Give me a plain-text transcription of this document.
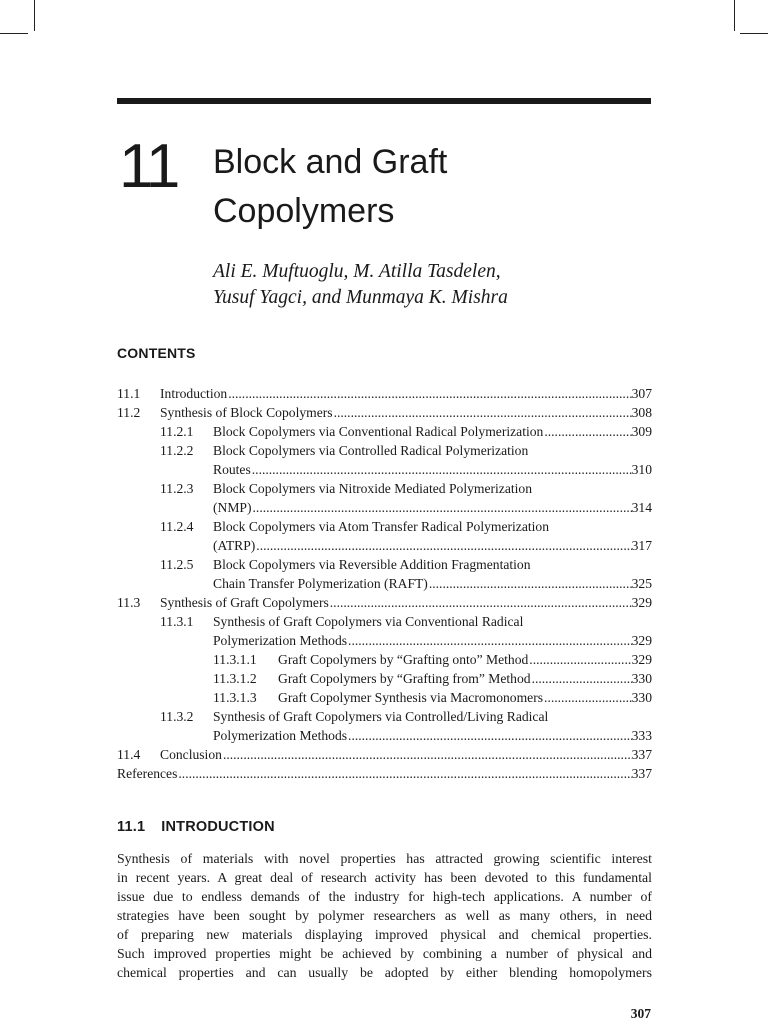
11 Block and Graft
Copolymers
Ali E. Muftuoglu, M. Atilla Tasdelen,
Yusuf Yagci, and Munmaya K. Mishra
CONTENTS
11.1 Introduction .....	307
11.2 Synthesis of Block Copolymers .....	308
11.2.1 Block Copolymers via Conventional Radical Polymerization .....	309
11.2.2 Block Copolymers via Controlled Radical Polymerization
Routes .....	310
11.2.3 Block Copolymers via Nitroxide Mediated Polymerization
(NMP) .....	314
11.2.4 Block Copolymers via Atom Transfer Radical Polymerization
(ATRP) .....	317
11.2.5 Block Copolymers via Reversible Addition Fragmentation
Chain Transfer Polymerization (RAFT) .....	325
11.3 Synthesis of Graft Copolymers .....	329
11.3.1 Synthesis of Graft Copolymers via Conventional Radical
Polymerization Methods .....	329
11.3.1.1 Graft Copolymers by “Grafting onto” Method .....	329
11.3.1.2 Graft Copolymers by “Grafting from” Method .....	330
11.3.1.3 Graft Copolymer Synthesis via Macromonomers .....	330
11.3.2 Synthesis of Graft Copolymers via Controlled/Living Radical
Polymerization Methods .....	333
11.4 Conclusion .....	337
References .....	337
11.1 INTRODUCTION
Synthesis of materials with novel properties has attracted growing scientific interest
in recent years. A great deal of research activity has been devoted to this fundamental
issue due to endless demands of the industry for high-tech applications. A number of
strategies have been sought by polymer researchers as well as many others, in need
of preparing new materials displaying improved physical and chemical properties.
Such improved properties might be achieved by combining a number of physical and
chemical properties and can usually be adopted by either blending homopolymers
307
